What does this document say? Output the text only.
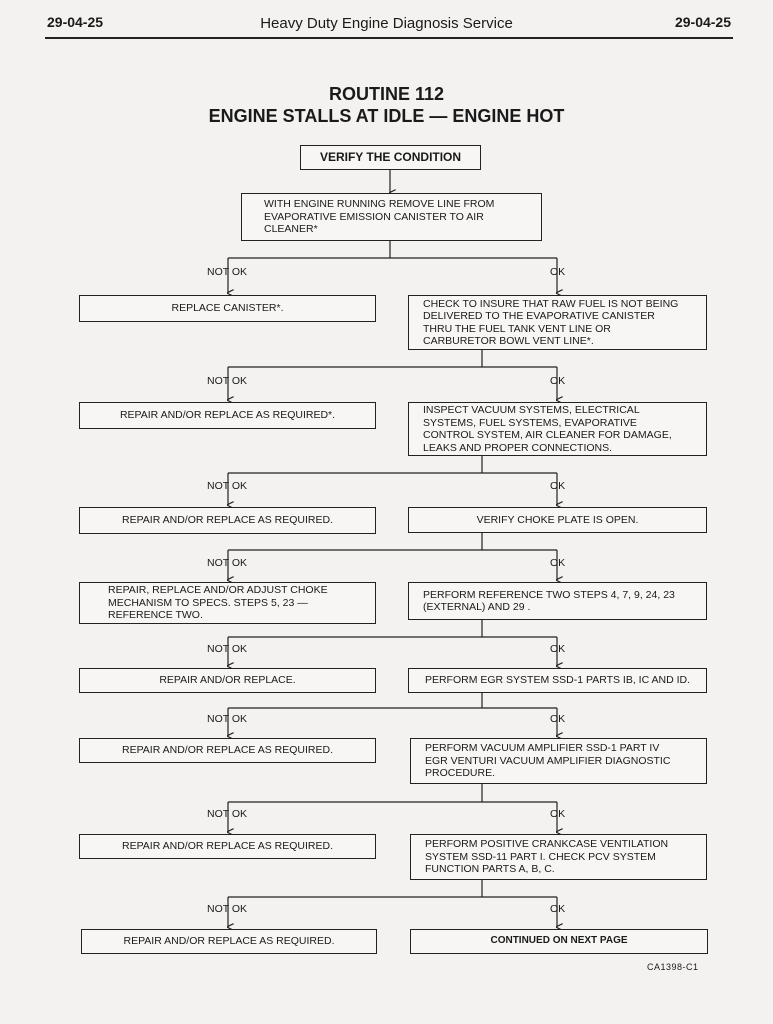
29-04-25	Heavy Duty Engine Diagnosis Service	29-04-25
ROUTINE 112
ENGINE STALLS AT IDLE — ENGINE HOT
VERIFY THE CONDITION
WITH ENGINE RUNNING REMOVE LINE FROM
EVAPORATIVE EMISSION CANISTER TO AIR
CLEANER*
NOT OK	OK
NOT OK	OK
NOT OK	OK
NOT OK	OK
NOT OK	OK
NOT OK	OK
NOT OK	OK
NOT OK	OK
REPLACE CANISTER*.
REPAIR AND/OR REPLACE AS REQUIRED*.
REPAIR AND/OR REPLACE AS REQUIRED.
REPAIR, REPLACE AND/OR ADJUST CHOKE
MECHANISM TO SPECS. STEPS 5, 23 —
REFERENCE TWO.
REPAIR AND/OR REPLACE.
REPAIR AND/OR REPLACE AS REQUIRED.
REPAIR AND/OR REPLACE AS REQUIRED.
REPAIR AND/OR REPLACE AS REQUIRED.
CHECK TO INSURE THAT RAW FUEL IS NOT BEING
DELIVERED TO THE EVAPORATIVE CANISTER
THRU THE FUEL TANK VENT LINE OR
CARBURETOR BOWL VENT LINE*.
INSPECT VACUUM SYSTEMS, ELECTRICAL
SYSTEMS, FUEL SYSTEMS, EVAPORATIVE
CONTROL SYSTEM, AIR CLEANER FOR DAMAGE,
LEAKS AND PROPER CONNECTIONS.
VERIFY CHOKE PLATE IS OPEN.
PERFORM REFERENCE TWO STEPS 4, 7, 9, 24, 23
(EXTERNAL) AND 29 .
PERFORM EGR SYSTEM SSD-1 PARTS IB, IC AND ID.
PERFORM VACUUM AMPLIFIER SSD-1 PART IV
EGR VENTURI VACUUM AMPLIFIER DIAGNOSTIC
PROCEDURE.
PERFORM POSITIVE CRANKCASE VENTILATION
SYSTEM SSD-11 PART I. CHECK PCV SYSTEM
FUNCTION PARTS A, B, C.
CONTINUED ON NEXT PAGE
CA1398-C1
